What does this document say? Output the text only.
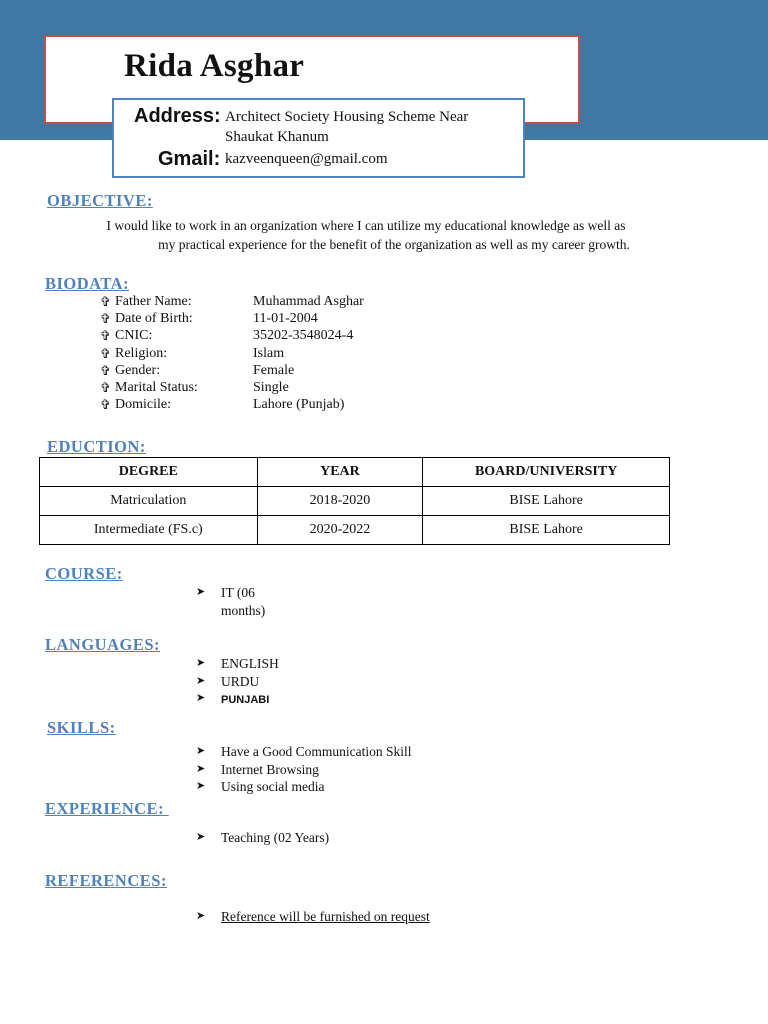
Rida Asghar
Address: Architect Society Housing Scheme Near
Shaukat Khanum
Gmail: kazveenqueen@gmail.com
OBJECTIVE:
I would like to work in an organization where I can utilize my educational knowledge as well as
my practical experience for the benefit of the organization as well as my career growth.
BIODATA:
✞ Father Name:	Muhammad Asghar
✞ Date of Birth:	11-01-2004
✞ CNIC:	35202-3548024-4
✞ Religion:	Islam
✞ Gender:	Female
✞ Marital Status:	Single
✞ Domicile:	Lahore (Punjab)
EDUCTION:
DEGREE	YEAR	BOARD/UNIVERSITY
Matriculation	2018-2020	BISE Lahore
Intermediate (FS.c)	2020-2022	BISE Lahore
COURSE:
➤ IT (06
months)
LANGUAGES:
➤ ENGLISH
➤ URDU
➤ PUNJABI
SKILLS:
➤ Have a Good Communication Skill
➤ Internet Browsing
➤ Using social media
EXPERIENCE:
➤ Teaching (02 Years)
REFERENCES:
➤ Reference will be furnished on request
